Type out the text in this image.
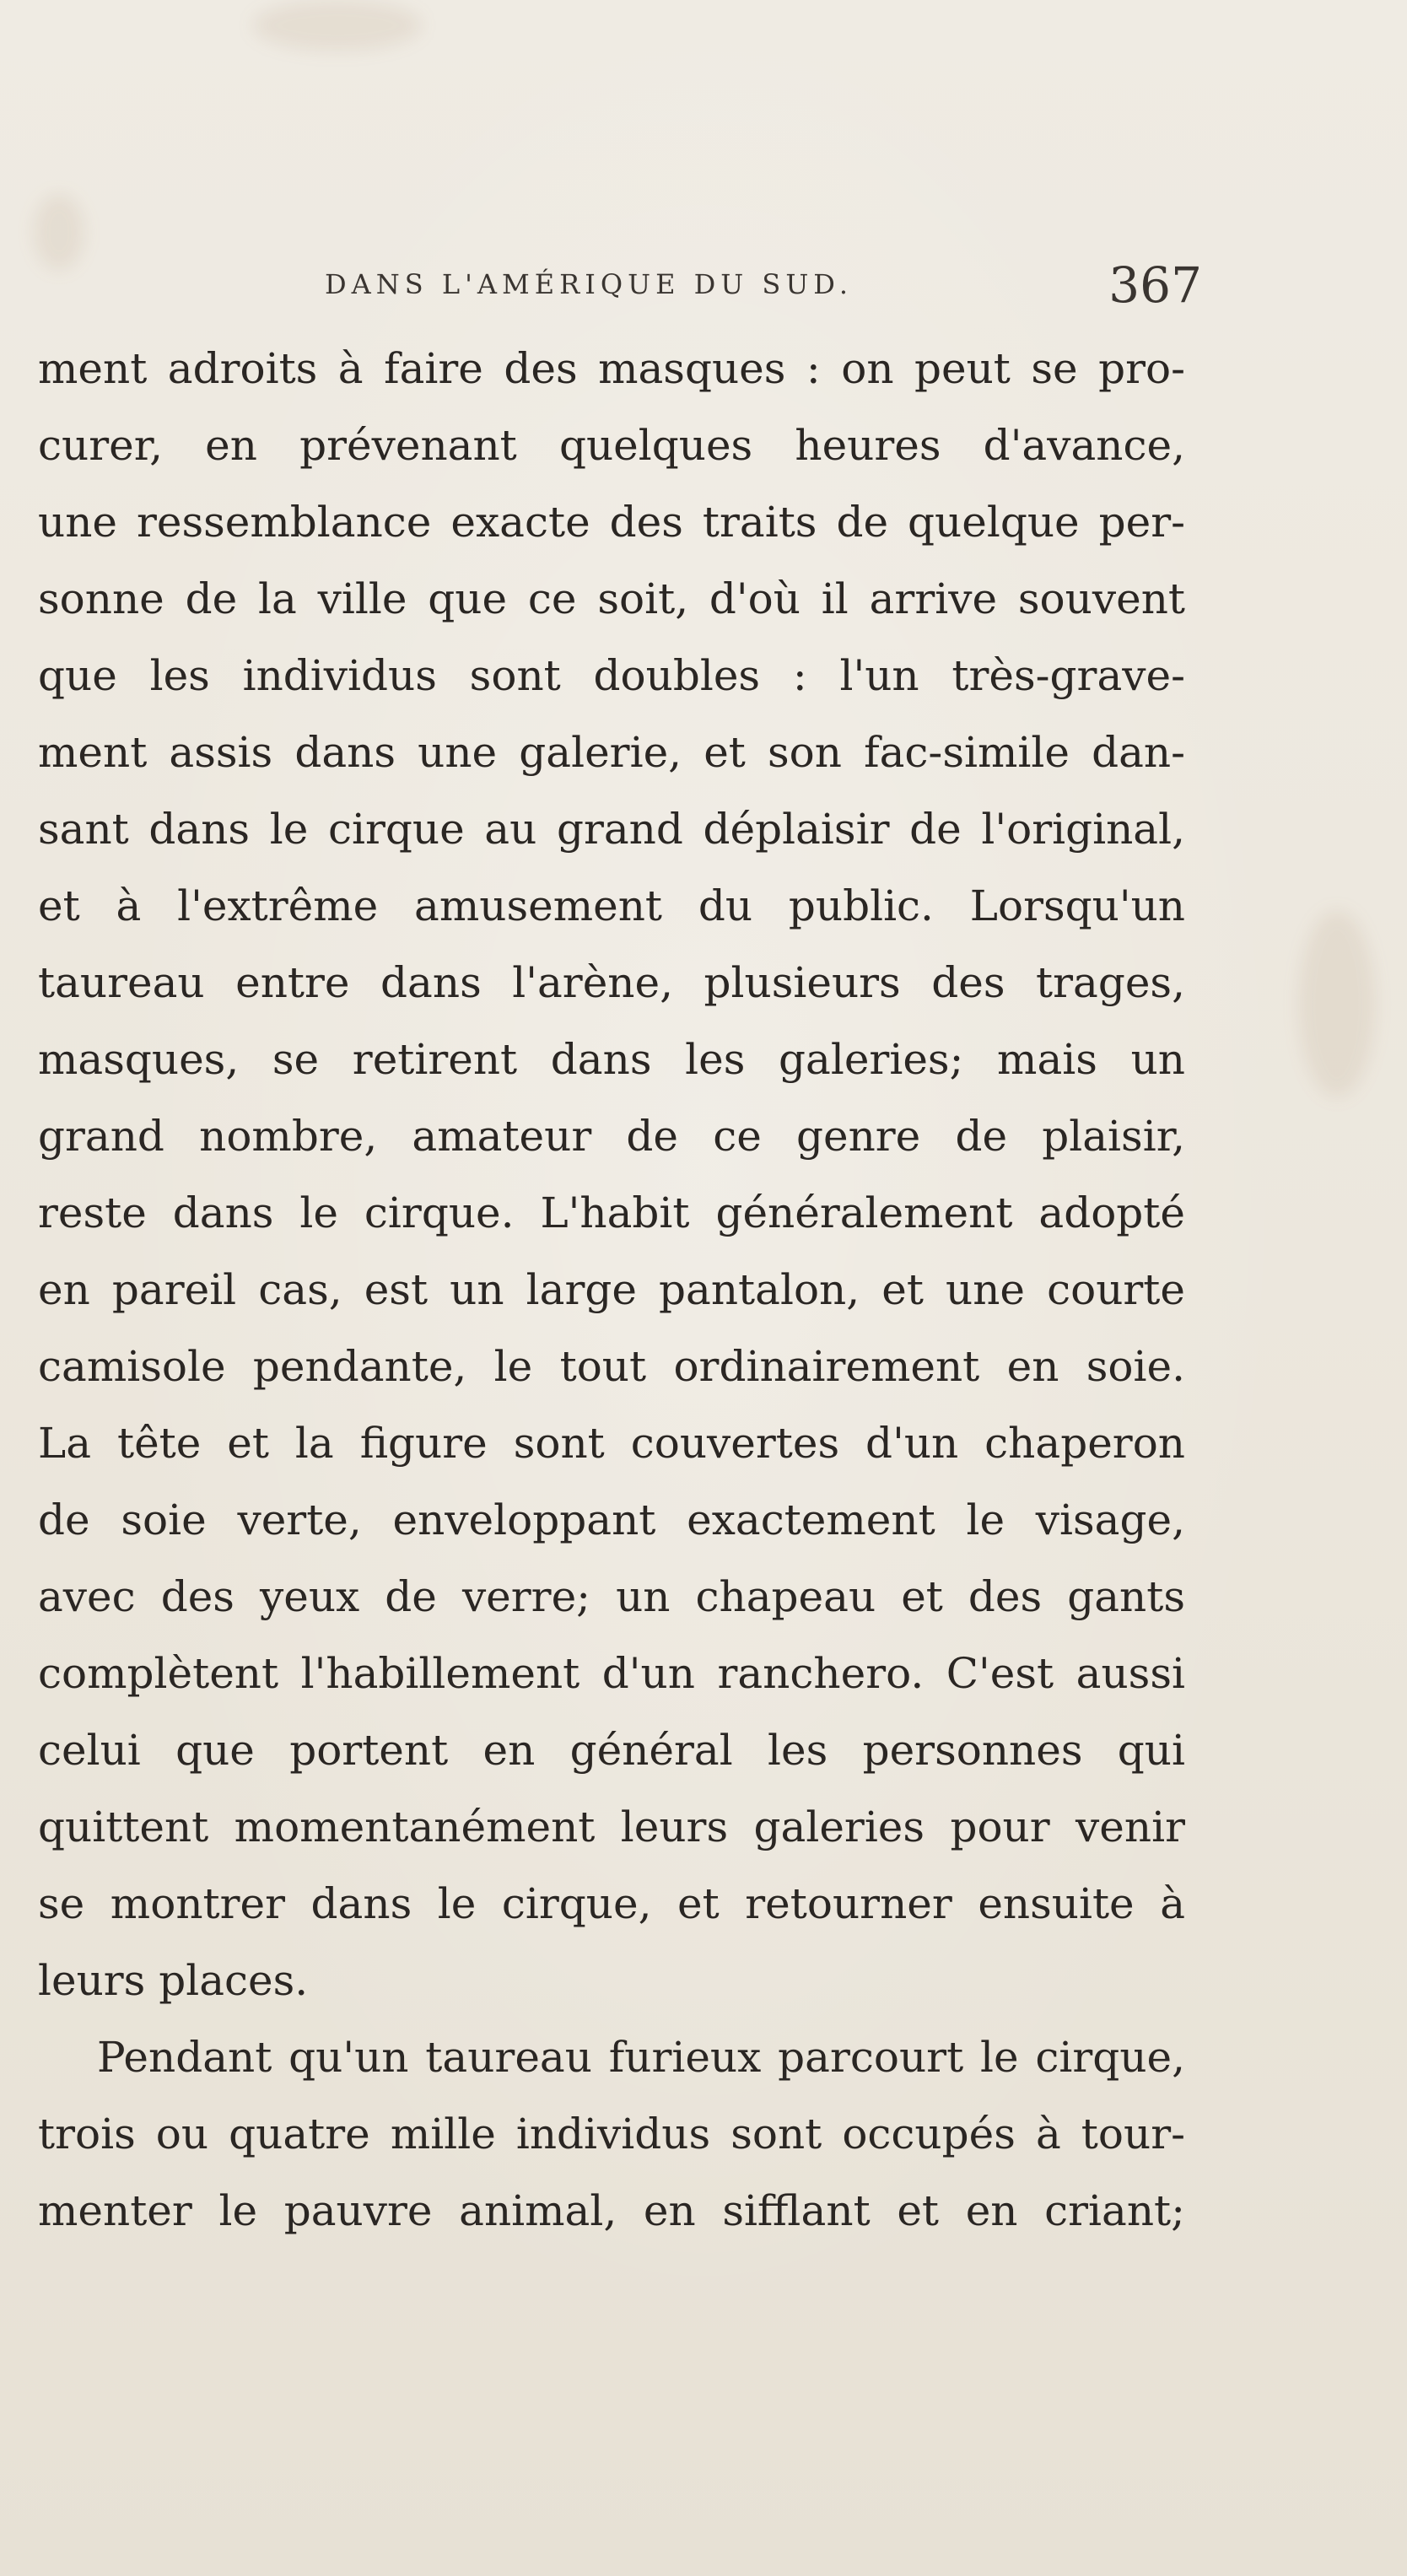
DANS L'AMÉRIQUE DU SUD.	367
ment adroits à faire des masques : on peut se pro-
curer, en prévenant quelques heures d'avance,
une ressemblance exacte des traits de quelque per-
sonne de la ville que ce soit, d'où il arrive souvent
que les individus sont doubles : l'un très-grave-
ment assis dans une galerie, et son fac-simile dan-
sant dans le cirque au grand déplaisir de l'original,
et à l'extrême amusement du public. Lorsqu'un
taureau entre dans l'arène, plusieurs des trages,
masques, se retirent dans les galeries; mais un
grand nombre, amateur de ce genre de plaisir,
reste dans le cirque. L'habit généralement adopté
en pareil cas, est un large pantalon, et une courte
camisole pendante, le tout ordinairement en soie.
La tête et la figure sont couvertes d'un chaperon
de soie verte, enveloppant exactement le visage,
avec des yeux de verre; un chapeau et des gants
complètent l'habillement d'un ranchero. C'est aussi
celui que portent en général les personnes qui
quittent momentanément leurs galeries pour venir
se montrer dans le cirque, et retourner ensuite à
leurs places.
Pendant qu'un taureau furieux parcourt le cirque,
trois ou quatre mille individus sont occupés à tour-
menter le pauvre animal, en sifflant et en criant;
